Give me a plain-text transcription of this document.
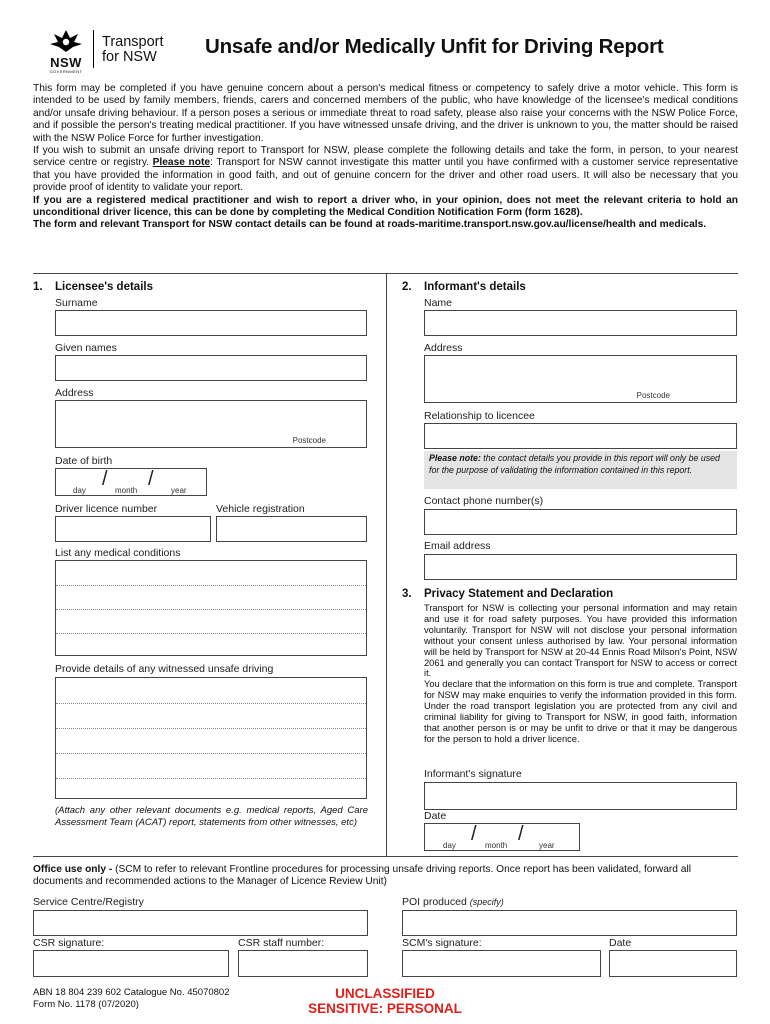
NSW
GOVERNMENT
Transport
for NSW	Unsafe and/or Medically Unfit for Driving Report

This form may be completed if you have genuine concern about a person's medical fitness or competency to safely drive a motor vehicle. This form is intended to be used by family members, friends, carers and concerned members of the public, who have knowledge of the licensee's medical conditions and/or unsafe driving behaviour. If a person poses a serious or immediate threat to road safety, please also raise your concerns with the NSW Police Force, and if possible the person's treating medical practitioner. If you have witnessed unsafe driving, and the driver is unknown to you, the matter should be raised with the NSW Police Force for further investigation.

If you wish to submit an unsafe driving report to Transport for NSW, please complete the following details and take the form, in person, to your nearest service centre or registry. Please note: Transport for NSW cannot investigate this matter until you have confirmed with a customer service representative that you have provided the information in good faith, and out of genuine concern for the driver and other road users. It will also be necessary that you provide proof of identity to validate your report.

If you are a registered medical practitioner and wish to report a driver who, in your opinion, does not meet the relevant criteria to hold an unconditional driver licence, this can be done by completing the Medical Condition Notification Form (form 1628).

The form and relevant Transport for NSW contact details can be found at roads-maritime.transport.nsw.gov.au/license/health and medicals.

1. Licensee's details
Surname
Given names
Address
Postcode
Date of birth
/ /
day	month	year
Driver licence number	Vehicle registration
List any medical conditions
Provide details of any witnessed unsafe driving
(Attach any other relevant documents e.g. medical reports, Aged Care Assessment Team (ACAT) report, statements from other witnesses, etc)
2. Informant's details
Name
Address
Postcode
Relationship to licencee
Please note: the contact details you provide in this report will only be used for the purpose of validating the information contained in this report.
Contact phone number(s)
Email address
3. Privacy Statement and Declaration

Transport for NSW is collecting your personal information and may retain and use it for road safety purposes. You have provided this information voluntarily. Transport for NSW will not disclose your personal information without your consent unless authorised by law. Your personal information will be held by Transport for NSW at 20-44 Ennis Road Milson's Point, NSW 2061 and generally you can contact Transport for NSW to access or correct it.

You declare that the information on this form is true and complete. Transport for NSW may make enquiries to verify the information provided in this form. Under the road transport legislation you are protected from any civil and criminal liability for giving to Transport for NSW, in good faith, information that another person is or may be unfit to drive or that it may be dangerous for the person to hold a driver licence.

Informant's signature
Date
/ /
day	month	year
Office use only - (SCM to refer to relevant Frontline procedures for processing unsafe driving reports. Once report has been validated, forward all documents and recommended actions to the Manager of Licence Review Unit)
Service Centre/Registry	POI produced (specify)
CSR signature:	CSR staff number:	SCM's signature:	Date
ABN 18 804 239 602 Catalogue No. 45070802
Form No. 1178 (07/2020)
UNCLASSIFIED
SENSITIVE: PERSONAL
